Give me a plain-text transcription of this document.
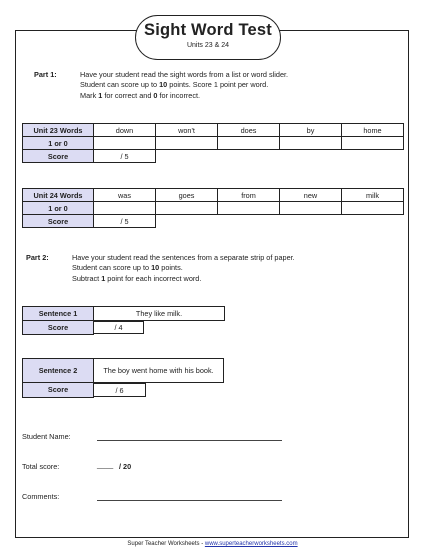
Sight Word Test
Units 23 & 24
Part 1:	Have your student read the sight words from a list or word slider.
Student can score up to 10 points. Score 1 point per word.
Mark 1 for correct and 0 for incorrect.
Unit 23 Words	down	won't	does	by	home
1 or 0					
Score	/ 5				
Unit 24 Words	was	goes	from	new	milk
1 or 0					
Score	/ 5				
Part 2:	Have your student read the sentences from a separate strip of paper.
Student can score up to 10 points.
Subtract 1 point for each incorrect word.
Sentence 1	They like milk.
Score	/ 4
Sentence 2	The boy went home with his book.
Score	/ 6
Student Name:
Total score:	____ / 20
Comments:
Super Teacher Worksheets - www.superteacherworksheets.com
